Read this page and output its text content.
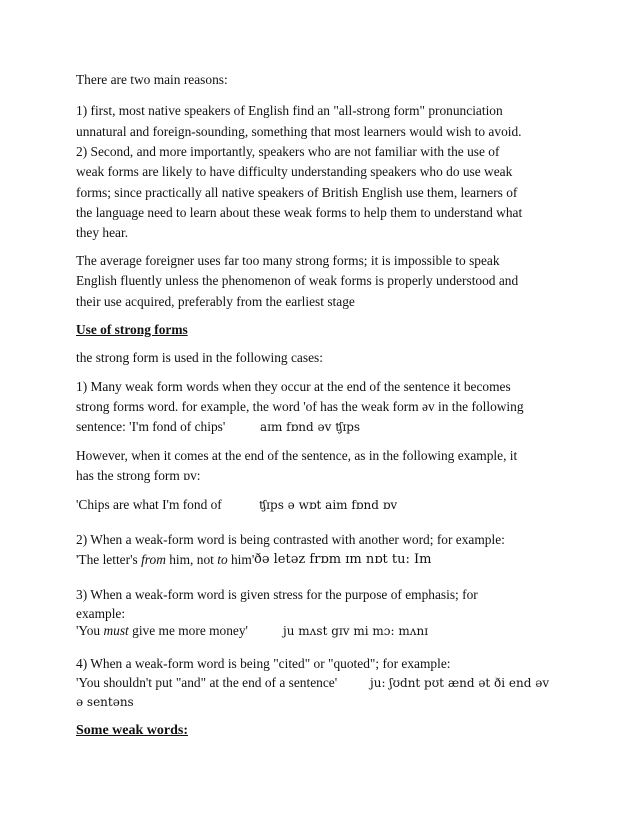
There are two main reasons:
1) first, most native speakers of English find an "all-strong form" pronunciation
unnatural and foreign-sounding, something that most learners would wish to avoid.
2) Second, and more importantly, speakers who are not familiar with the use of
weak forms are likely to have difficulty understanding speakers who do use weak
forms; since practically all native speakers of British English use them, learners of
the language need to learn about these weak forms to help them to understand what
they hear.
The average foreigner uses far too many strong forms; it is impossible to speak
English fluently unless the phenomenon of weak forms is properly understood and
their use acquired, preferably from the earliest stage
Use of strong forms
the strong form is used in the following cases:
1) Many weak form words when they occur at the end of the sentence it becomes
strong forms word. for example, the word 'of has the weak form əv in the following
sentence: 'I'm fond of chips'	aɪm fɒnd əv ʧɪps
However, when it comes at the end of the sentence, as in the following example, it
has the strong form ɒv:
'Chips are what I'm fond of	ʧɪps ə wɒt aim fɒnd ɒv
2) When a weak-form word is being contrasted with another word; for example:
'The letter's from him, not to him' ðə letəz frɒm ɪm nɒt tu: Im
3) When a weak-form word is given stress for the purpose of emphasis; for
example:
'You must give me more money'	ju mʌst gɪv mi mɔ: mʌnɪ
4) When a weak-form word is being "cited" or "quoted"; for example:
'You shouldn't put "and" at the end of a sentence'	ju: ʃʊdnt pʊt ænd ət ði end əv
ə sentəns
Some weak words:
